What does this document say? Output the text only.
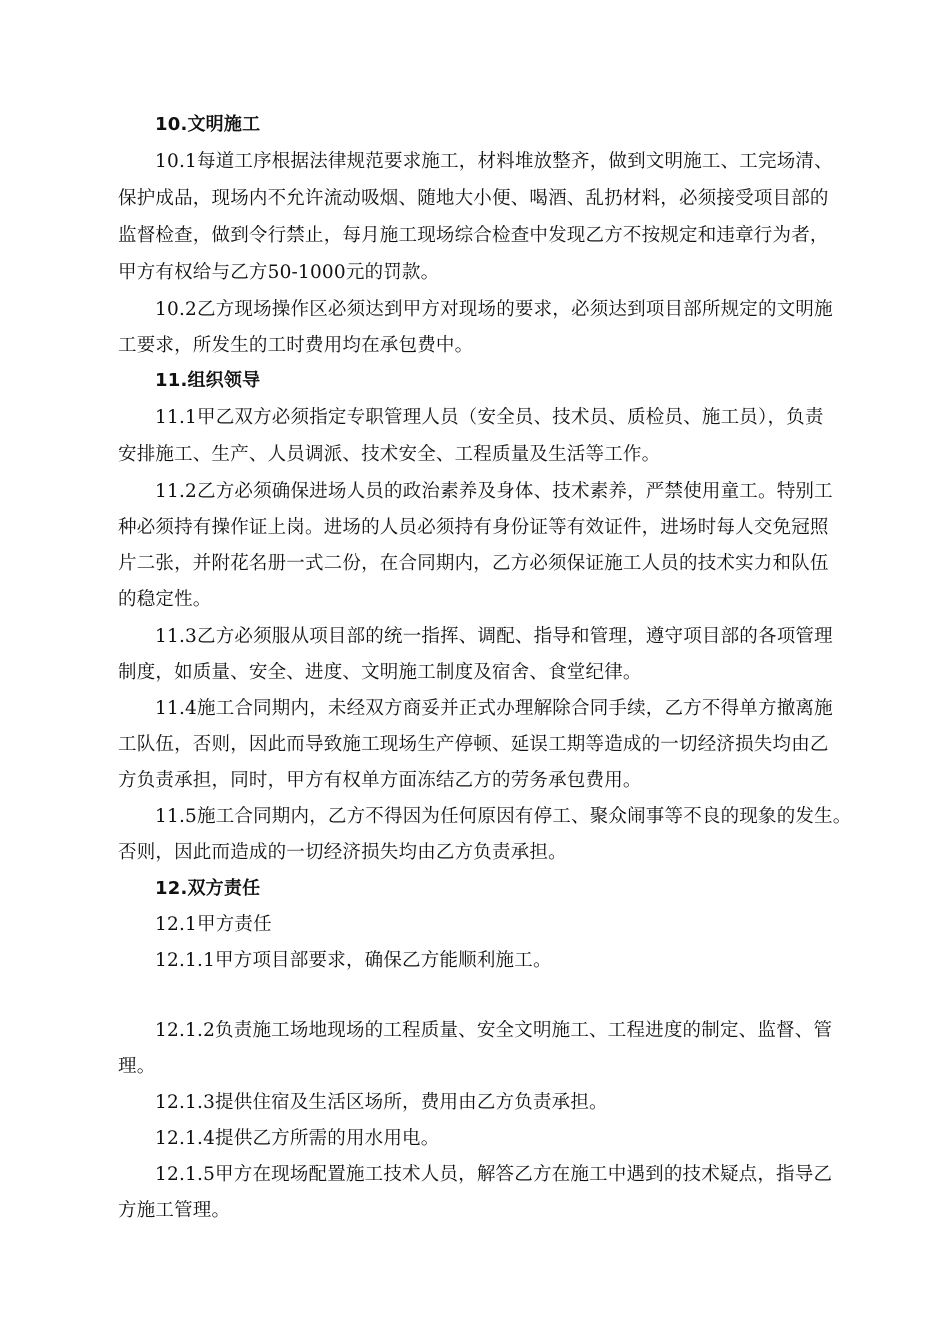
10.文明施工
10.1每道工序根据法律规范要求施工，材料堆放整齐，做到文明施工、工完场清、
保护成品，现场内不允许流动吸烟、随地大小便、喝酒、乱扔材料，必须接受项目部的
监督检查，做到令行禁止，每月施工现场综合检查中发现乙方不按规定和违章行为者，
甲方有权给与乙方50-1000元的罚款。
10.2乙方现场操作区必须达到甲方对现场的要求，必须达到项目部所规定的文明施
工要求，所发生的工时费用均在承包费中。
11.组织领导
11.1甲乙双方必须指定专职管理人员（安全员、技术员、质检员、施工员），负责
安排施工、生产、人员调派、技术安全、工程质量及生活等工作。
11.2乙方必须确保进场人员的政治素养及身体、技术素养，严禁使用童工。特别工
种必须持有操作证上岗。进场的人员必须持有身份证等有效证件，进场时每人交免冠照
片二张，并附花名册一式二份，在合同期内，乙方必须保证施工人员的技术实力和队伍
的稳定性。
11.3乙方必须服从项目部的统一指挥、调配、指导和管理，遵守项目部的各项管理
制度，如质量、安全、进度、文明施工制度及宿舍、食堂纪律。
11.4施工合同期内，未经双方商妥并正式办理解除合同手续，乙方不得单方撤离施
工队伍，否则，因此而导致施工现场生产停顿、延误工期等造成的一切经济损失均由乙
方负责承担，同时，甲方有权单方面冻结乙方的劳务承包费用。
11.5施工合同期内，乙方不得因为任何原因有停工、聚众闹事等不良的现象的发生。
否则，因此而造成的一切经济损失均由乙方负责承担。
12.双方责任
12.1甲方责任
12.1.1甲方项目部要求，确保乙方能顺利施工。
12.1.2负责施工场地现场的工程质量、安全文明施工、工程进度的制定、监督、管
理。
12.1.3提供住宿及生活区场所，费用由乙方负责承担。
12.1.4提供乙方所需的用水用电。
12.1.5甲方在现场配置施工技术人员，解答乙方在施工中遇到的技术疑点，指导乙
方施工管理。
